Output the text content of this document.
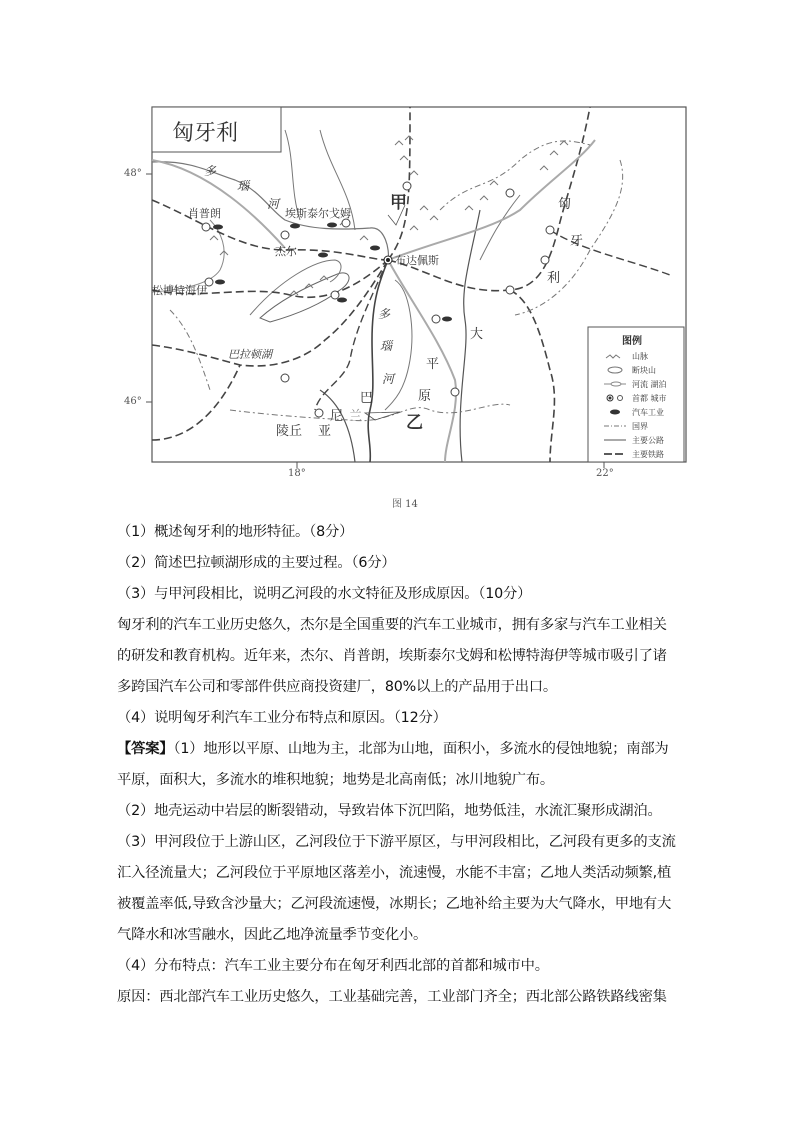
匈牙利
肖普朗	埃斯泰尔戈姆
杰尔
布达佩斯
松博特海伊
巴拉顿湖
多
瑙
河
多
瑙
河
匈
牙
利
大
平
原
巴
兰
尼
亚
陵丘
甲
乙
图例
山脉
断块山
河流 湖泊
首都 城市
汽车工业
国界
主要公路
主要铁路
48°
46°
18°	22°
图 14
（1）概述匈牙利的地形特征。（8分）
（2）简述巴拉顿湖形成的主要过程。（6分）
（3）与甲河段相比，说明乙河段的水文特征及形成原因。（10分）
匈牙利的汽车工业历史悠久，杰尔是全国重要的汽车工业城市，拥有多家与汽车工业相关
的研发和教育机构。近年来，杰尔、肖普朗，埃斯泰尔戈姆和松博特海伊等城市吸引了诸
多跨国汽车公司和零部件供应商投资建厂，80%以上的产品用于出口。
（4）说明匈牙利汽车工业分布特点和原因。（12分）
【答案】（1）地形以平原、山地为主，北部为山地，面积小，多流水的侵蚀地貌；南部为
平原，面积大，多流水的堆积地貌；地势是北高南低；冰川地貌广布。
（2）地壳运动中岩层的断裂错动，导致岩体下沉凹陷，地势低洼，水流汇聚形成湖泊。
（3）甲河段位于上游山区，乙河段位于下游平原区，与甲河段相比，乙河段有更多的支流
汇入径流量大；乙河段位于平原地区落差小，流速慢，水能不丰富；乙地人类活动频繁,植
被覆盖率低,导致含沙量大；乙河段流速慢，冰期长；乙地补给主要为大气降水，甲地有大
气降水和冰雪融水，因此乙地净流量季节变化小。
（4）分布特点：汽车工业主要分布在匈牙利西北部的首都和城市中。
原因：西北部汽车工业历史悠久，工业基础完善，工业部门齐全；西北部公路铁路线密集
